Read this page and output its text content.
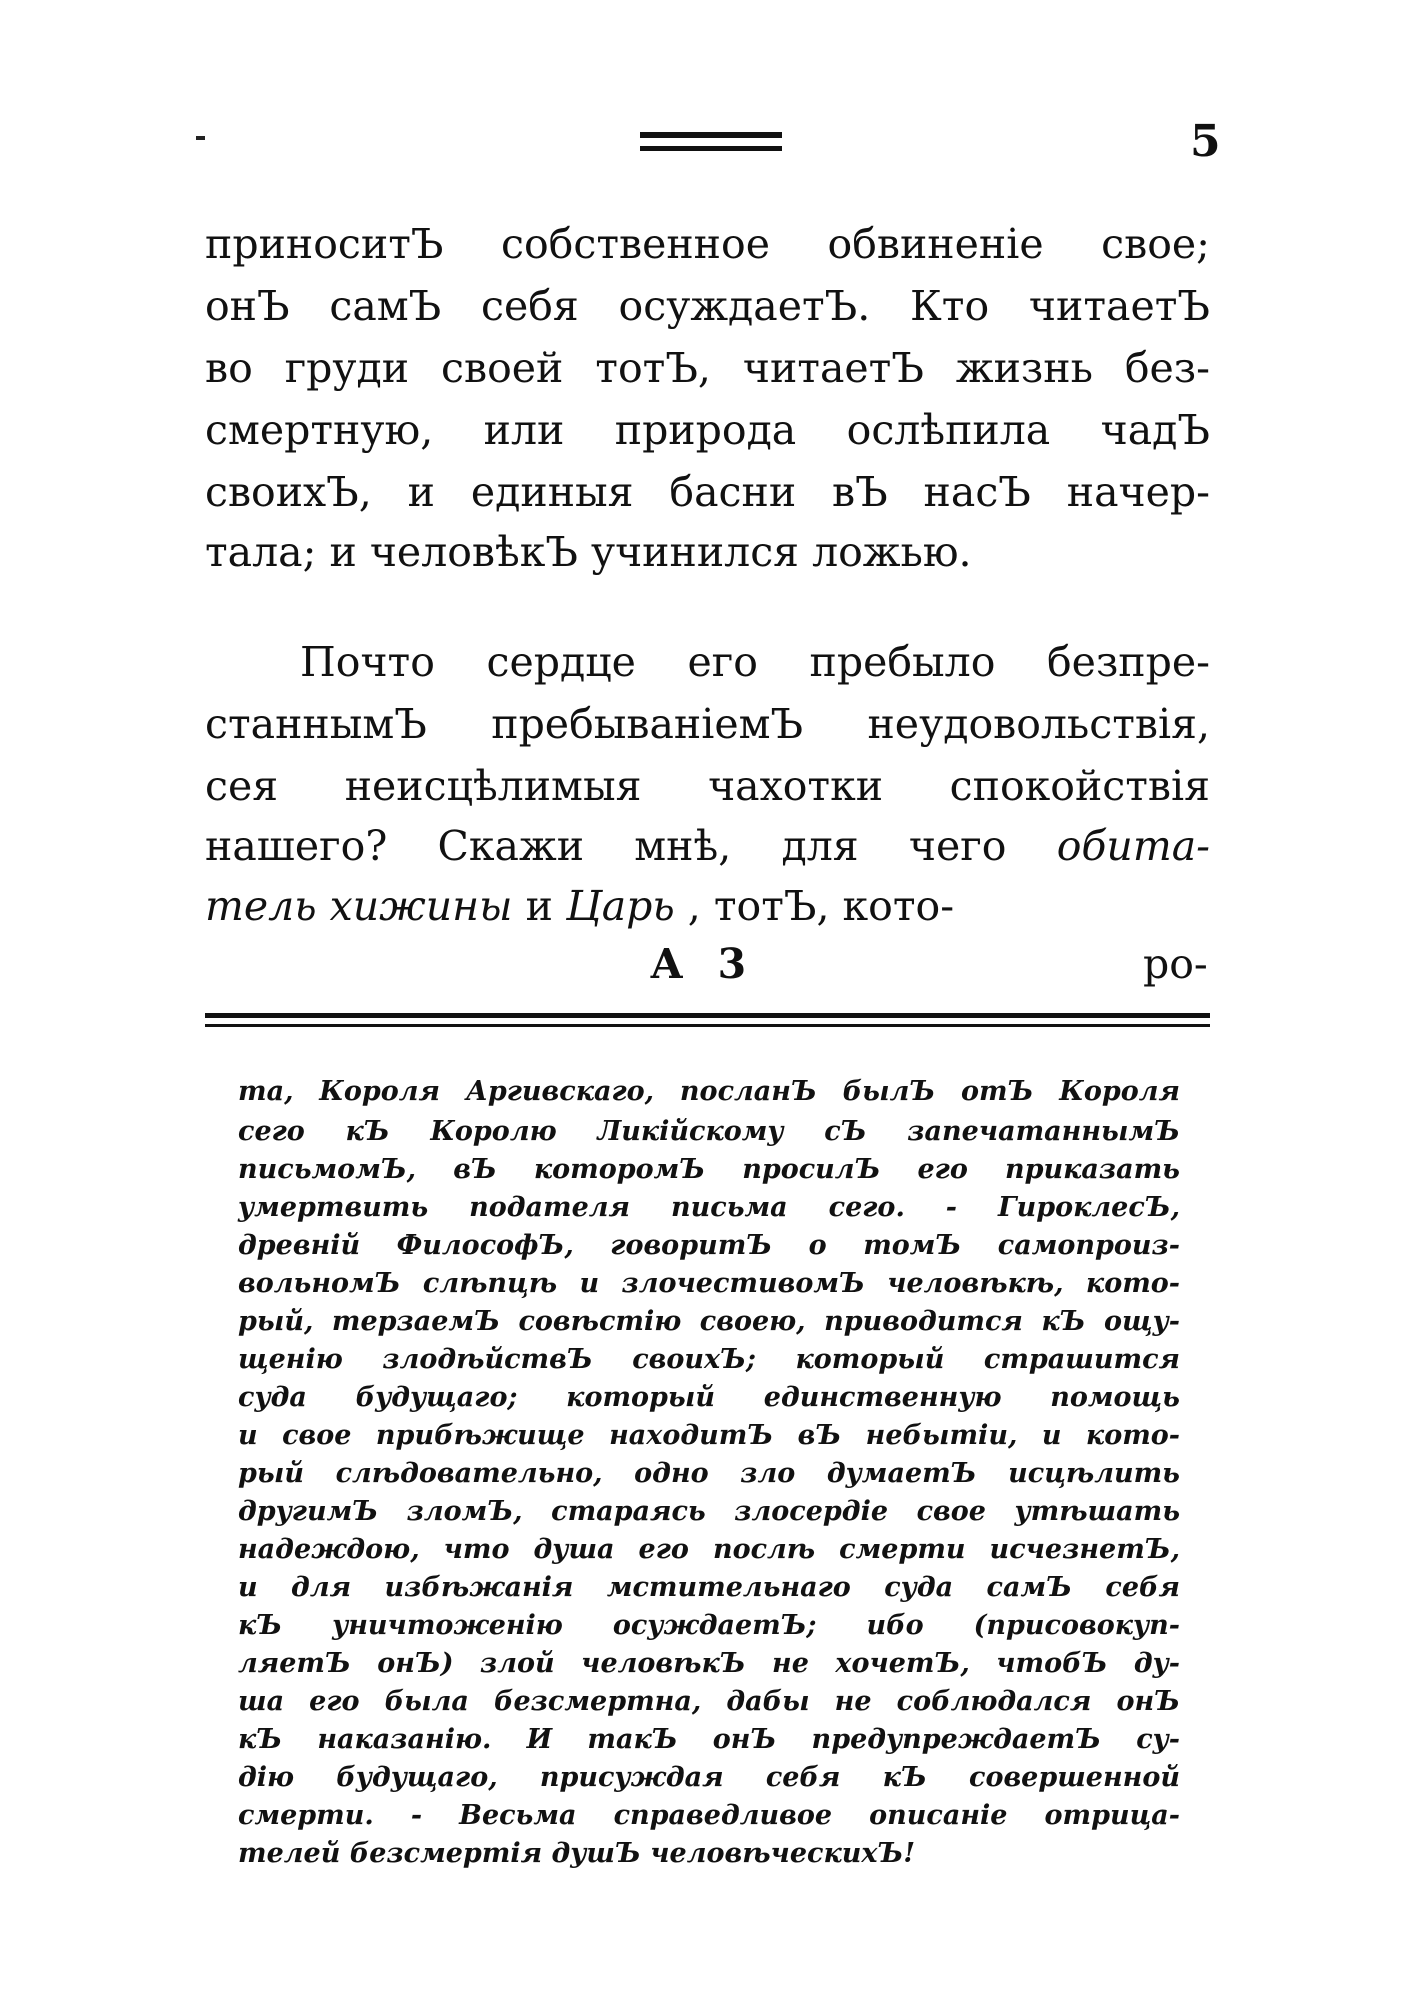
5
приноситЪ собственное обвиненіе свое;
онЪ самЪ себя осуждаетЪ. Кто читаетЪ
во груди своей тотЪ, читаетЪ жизнь без-
смертную, или природа ослѣпила чадЪ
своихЪ, и единыя басни вЪ насЪ начер-
тала; и человѣкЪ учинился ложью.
Почто сердце его пребыло безпре-
станнымЪ пребываніемЪ неудовольствія,
сея неисцѣлимыя чахотки спокойствія
нашего? Скажи мнѣ, для чего обита-
тель хижины и Царь , тотЪ, кото-
А 3	ро-
та, Короля Аргивскаго, посланЪ былЪ отЪ Короля
сего кЪ Королю Ликійскому сЪ запечатаннымЪ
письмомЪ, вЪ которомЪ просилЪ его приказать
умертвить подателя письма сего. - ГироклесЪ,
древній ФилософЪ, говоритЪ о томЪ самопроиз-
вольномЪ слѣпцѣ и злочестивомЪ человѣкѣ, кото-
рый, терзаемЪ совѣстію своею, приводится кЪ ощу-
щенію злодѣйствЪ своихЪ; который страшится
суда будущаго; который единственную помощь
и свое прибѣжище находитЪ вЪ небытіи, и кото-
рый слѣдовательно, одно зло думаетЪ исцѣлить
другимЪ зломЪ, стараясь злосердіе свое утѣшать
надеждою, что душа его послѣ смерти исчезнетЪ,
и для избѣжанія мстительнаго суда самЪ себя
кЪ уничтоженію осуждаетЪ; ибо (присовокуп-
ляетЪ онЪ) злой человѣкЪ не хочетЪ, чтобЪ ду-
ша его была безсмертна, дабы не соблюдался онЪ
кЪ наказанію. И такЪ онЪ предупреждаетЪ су-
дію будущаго, присуждая себя кЪ совершенной
смерти. - Весьма справедливое описаніе отрица-
телей безсмертія душЪ человѣческихЪ!
